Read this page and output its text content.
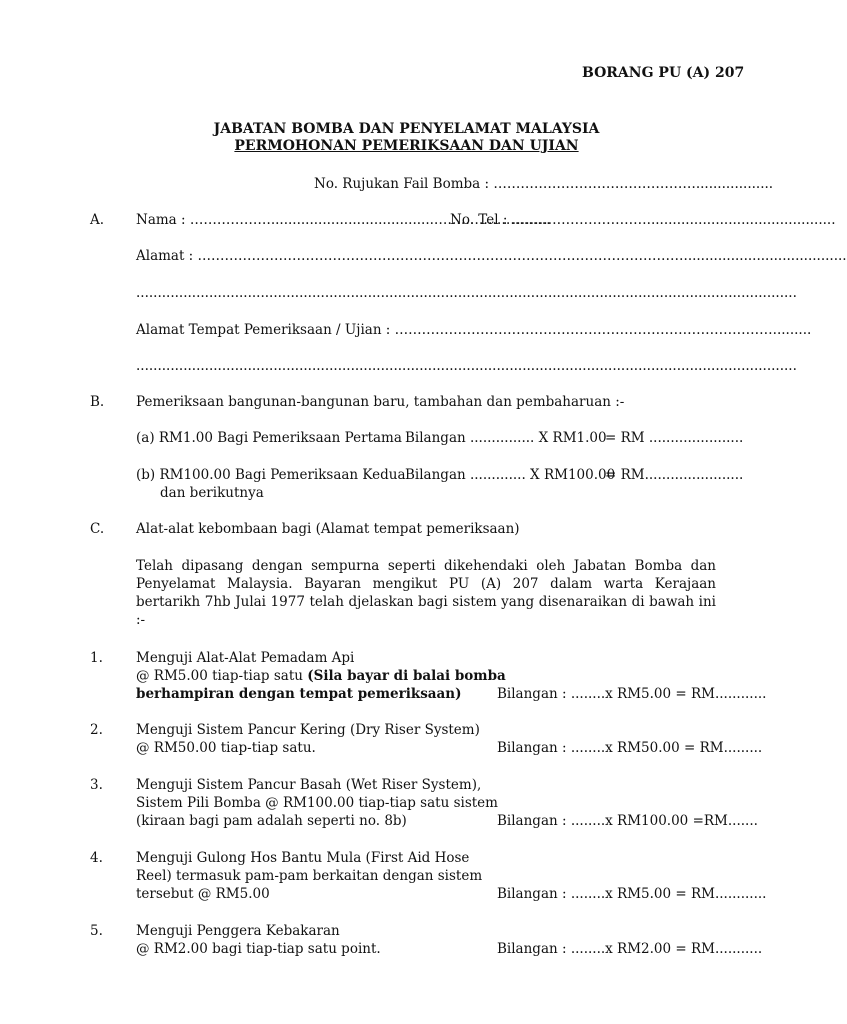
BORANG PU (A) 207
JABATAN BOMBA DAN PENYELAMAT MALAYSIA
PERMOHONAN PEMERIKSAAN DAN UJIAN
No. Rujukan Fail Bomba : ………………………………………..................
A. Nama : ………………......................................……………………..
No. Tel : …………………………............................................
Alamat : ………………………………………………………………………………………………......................................
..........................................................................................................................................................
Alamat Tempat Pemeriksaan / Ujian : ………………………………………………………………………….........
..........................................................................................................................................................
B. Pemeriksaan bangunan-bangunan baru, tambahan dan pembaharuan :-
(a) RM1.00 Bagi Pemeriksaan Pertama Bilangan ............... X RM1.00
= RM ......................
(b) RM100.00 Bagi Pemeriksaan Kedua
dan berikutnya
Bilangan ............. X RM100.00
= RM.......................
C. Alat-alat kebombaan bagi (Alamat tempat pemeriksaan)
Telah dipasang dengan sempurna seperti dikehendaki oleh Jabatan Bomba dan Penyelamat Malaysia. Bayaran mengikut PU (A) 207 dalam warta Kerajaan bertarikh 7hb Julai 1977 telah djelaskan bagi sistem yang disenaraikan di bawah ini :-
1. Menguji Alat-Alat Pemadam Api
@ RM5.00 tiap-tiap satu (Sila bayar di balai bomba
berhampiran dengan tempat pemeriksaan)	Bilangan : ........x RM5.00 = RM............
2. Menguji Sistem Pancur Kering (Dry Riser System)
@ RM50.00 tiap-tiap satu.	Bilangan : ........x RM50.00 = RM.........
3. Menguji Sistem Pancur Basah (Wet Riser System),
Sistem Pili Bomba @ RM100.00 tiap-tiap satu sistem
(kiraan bagi pam adalah seperti no. 8b)	Bilangan : ........x RM100.00 =RM.......
4. Menguji Gulong Hos Bantu Mula (First Aid Hose
Reel) termasuk pam-pam berkaitan dengan sistem
tersebut @ RM5.00	Bilangan : ........x RM5.00 = RM............
5. Menguji Penggera Kebakaran
@ RM2.00 bagi tiap-tiap satu point.	Bilangan : ........x RM2.00 = RM...........
